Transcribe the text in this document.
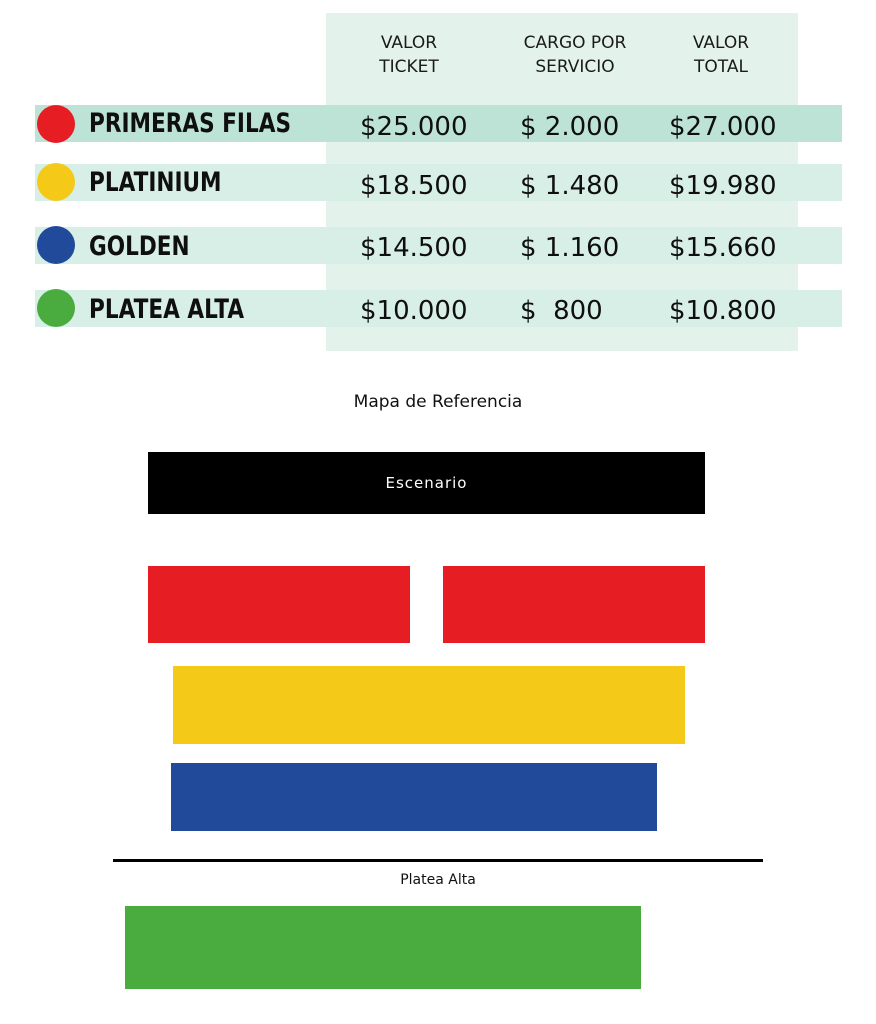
VALOR
TICKET
CARGO POR
SERVICIO
VALOR
TOTAL
PRIMERAS FILAS	$25.000 $ 2.000 $27.000
PLATINIUM	$18.500 $ 1.480 $19.980
GOLDEN	$14.500 $ 1.160 $15.660
PLATEA ALTA	$10.000 $  800	$10.800
Mapa de Referencia
Escenario
Platea Alta
